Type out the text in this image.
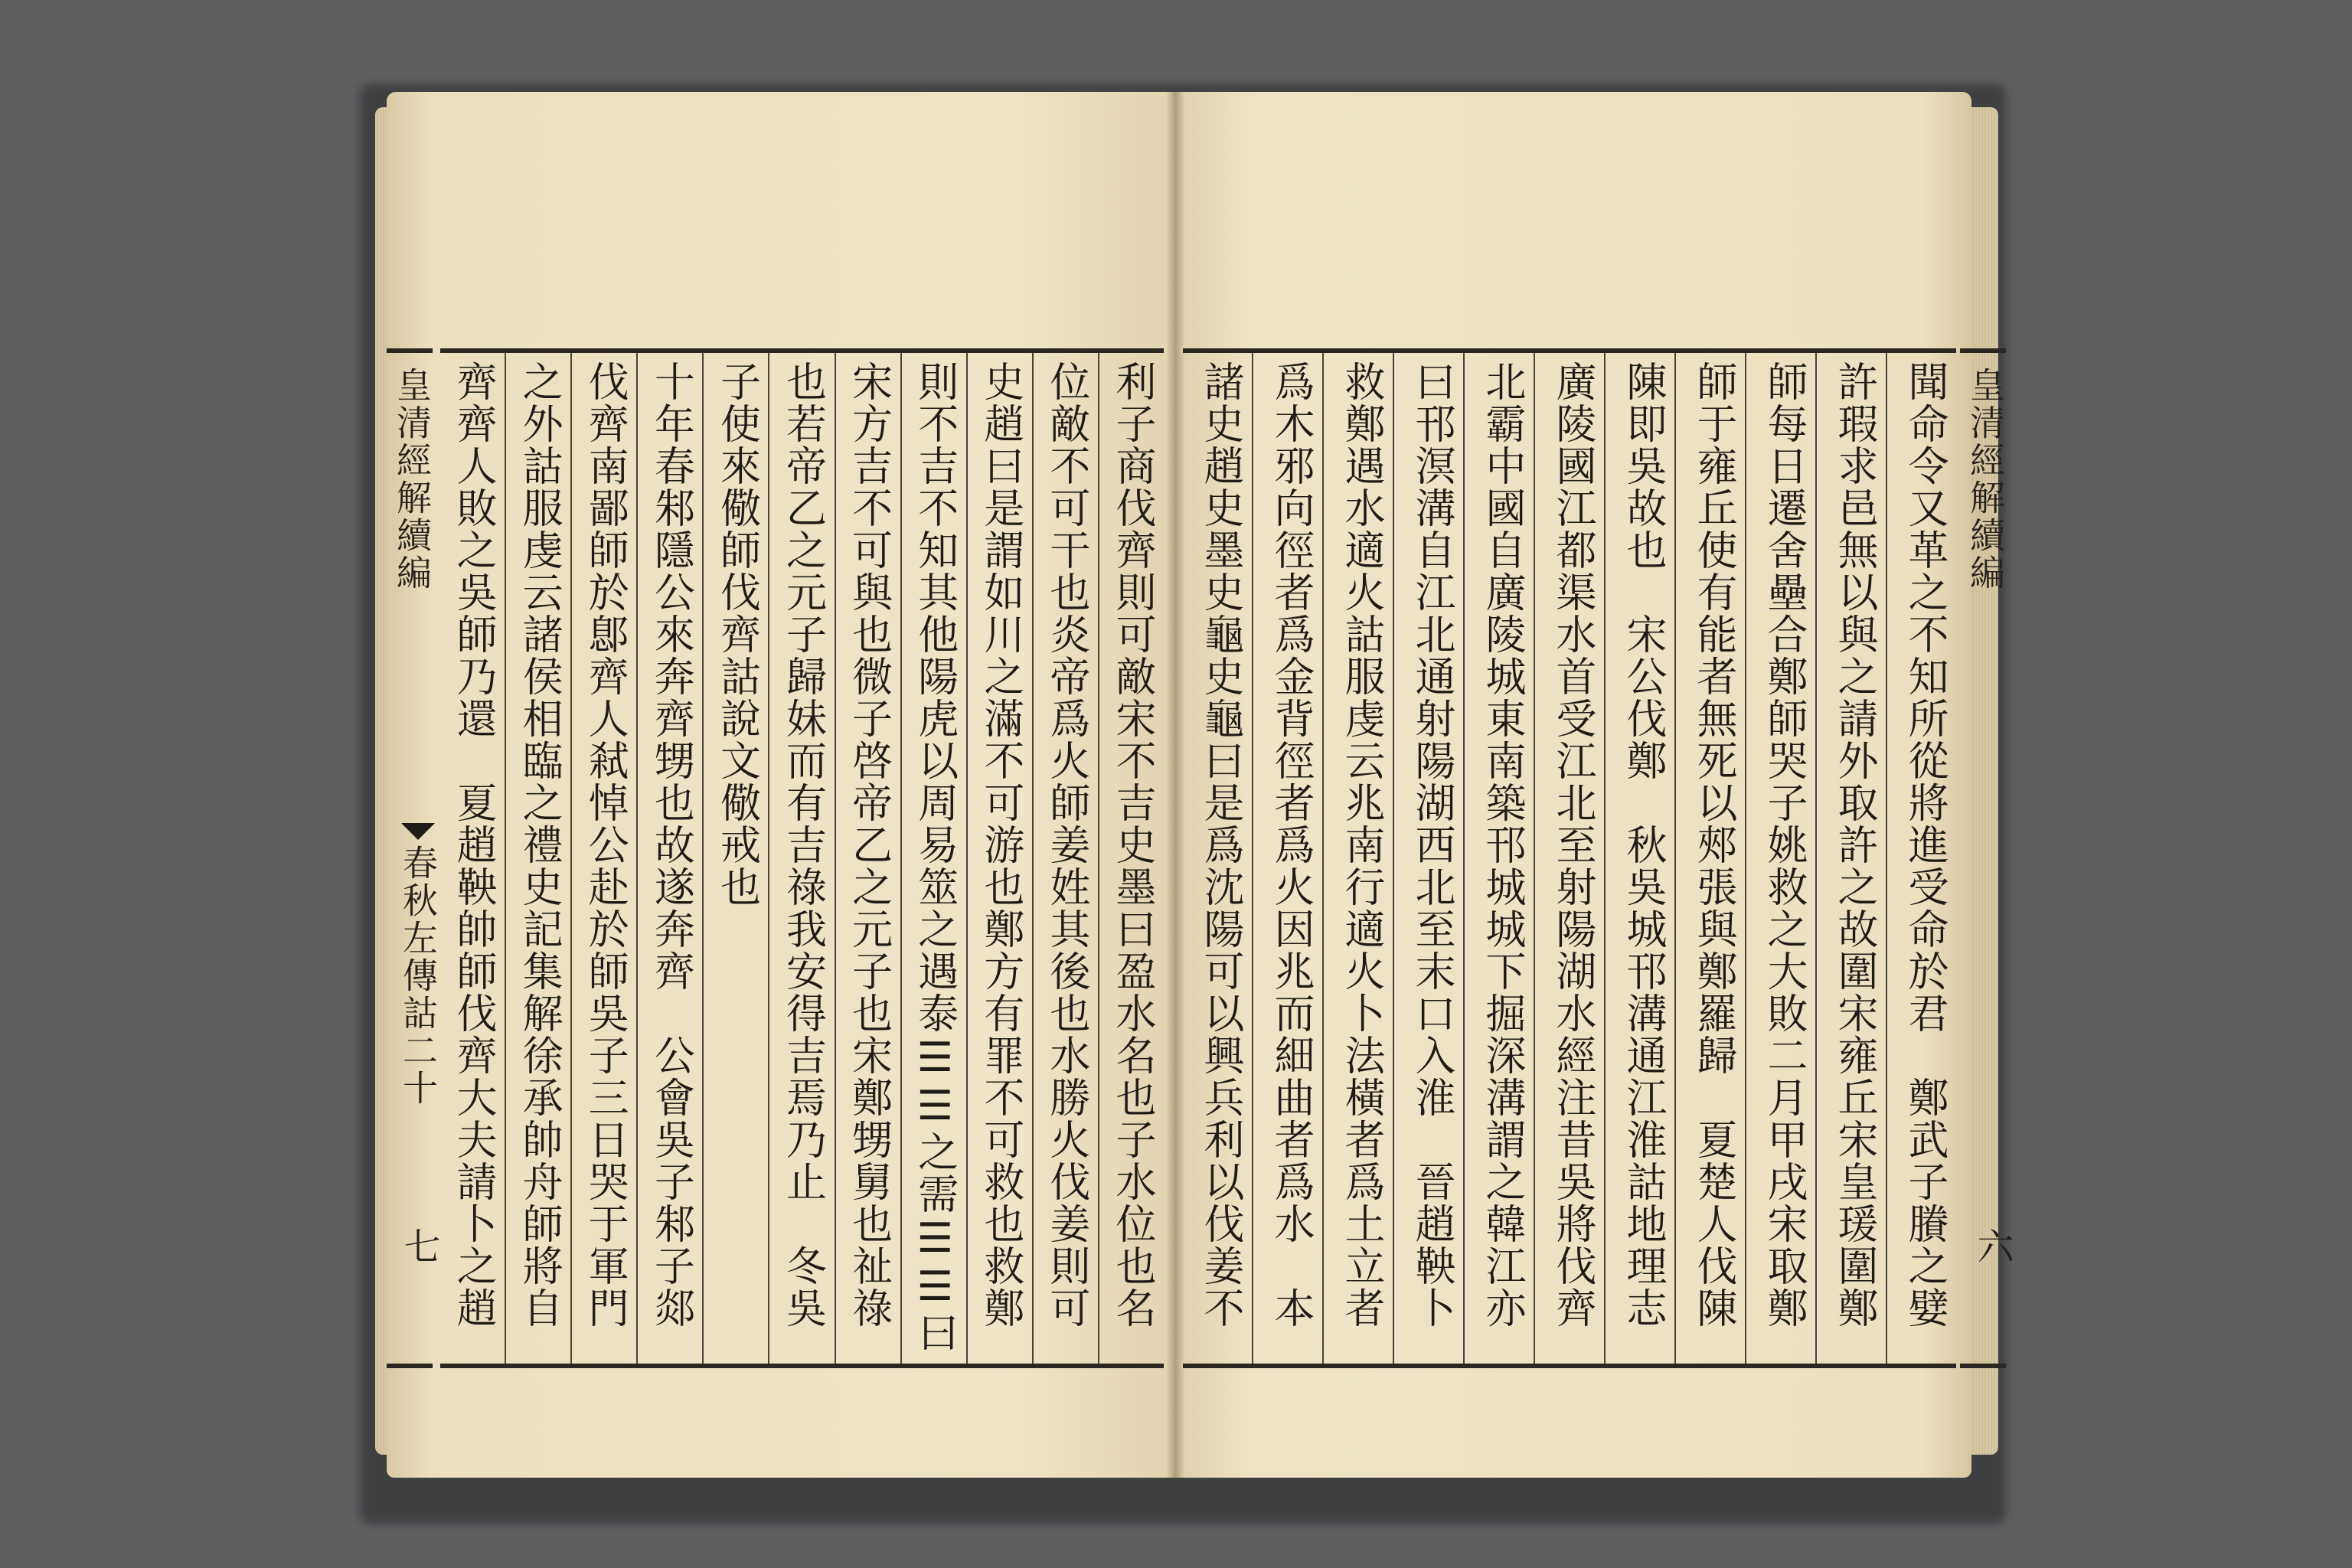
聞命令又革之不知所從將進受命於君　鄭武子賸之嬖
許瑕求邑無以與之請外取許之故圍宋雍丘宋皇瑗圍鄭
師每日遷舍壘合鄭師哭子姚救之大敗二月甲戌宋取鄭
師于雍丘使有能者無死以郟張與鄭羅歸　夏楚人伐陳
陳即吳故也　宋公伐鄭　秋吳城邗溝通江淮詁地理志
廣陵國江都渠水首受江北至射陽湖水經注昔吳將伐齊
北霸中國自廣陵城東南築邗城城下掘深溝謂之韓江亦
曰邗溟溝自江北通射陽湖西北至末口入淮　晉趙鞅卜
救鄭遇水適火詁服虔云兆南行適火卜法橫者爲土立者
爲木邪向徑者爲金背徑者爲火因兆而細曲者爲水　本
諸史趙史墨史龜史龜曰是爲沈陽可以興兵利以伐姜不
利子商伐齊則可敵宋不吉史墨曰盈水名也子水位也名
位敵不可干也炎帝爲火師姜姓其後也水勝火伐姜則可
史趙曰是謂如川之滿不可游也鄭方有罪不可救也救鄭
則不吉不知其他陽虎以周易筮之遇泰☰☰之需☰☰曰
宋方吉不可與也微子啓帝乙之元子也宋鄭甥舅也祉祿
也若帝乙之元子歸妹而有吉祿我安得吉焉乃止　冬吳
子使來儆師伐齊詁說文儆戒也
十年春邾隱公來奔齊甥也故遂奔齊　公會吳子邾子郯
伐齊南鄙師於鄎齊人弒悼公赴於師吳子三日哭于軍門
之外詁服虔云諸侯相臨之禮史記集解徐承帥舟師將自
齊齊人敗之吳師乃還　夏趙鞅帥師伐齊大夫請卜之趙
皇清經解續編
春秋左傳詁二十
七
皇清經解續編
六
